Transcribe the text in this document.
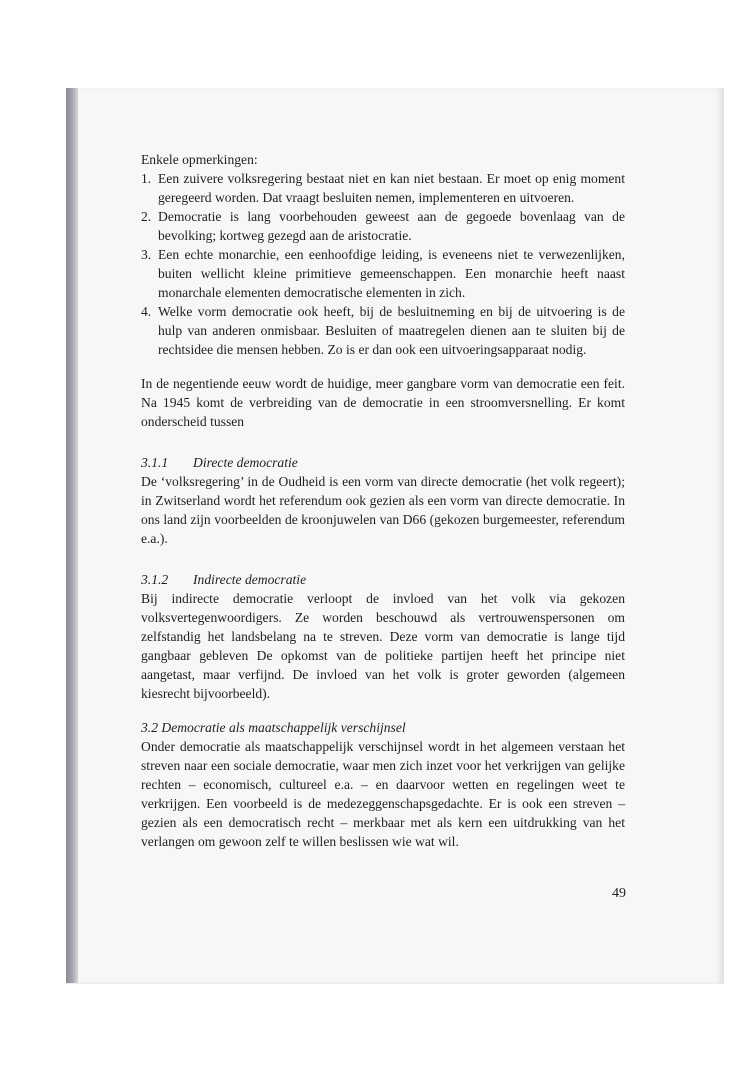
Enkele opmerkingen:

1. Een zuivere volksregering bestaat niet en kan niet bestaan. Er moet op enig moment geregeerd worden. Dat vraagt besluiten nemen, implementeren en uitvoeren.
2. Democratie is lang voorbehouden geweest aan de gegoede bovenlaag van de bevolking; kortweg gezegd aan de aristocratie.
3. Een echte monarchie, een eenhoofdige leiding, is eveneens niet te verwezenlijken, buiten wellicht kleine primitieve gemeenschappen. Een monarchie heeft naast monarchale elementen democratische elementen in zich.
4. Welke vorm democratie ook heeft, bij de besluitneming en bij de uitvoering is de hulp van anderen onmisbaar. Besluiten of maatregelen dienen aan te sluiten bij de rechtsidee die mensen hebben. Zo is er dan ook een uitvoeringsapparaat nodig.

In de negentiende eeuw wordt de huidige, meer gangbare vorm van democratie een feit. Na 1945 komt de verbreiding van de democratie in een stroomversnelling. Er komt onderscheid tussen

3.1.1 Directe democratie

De ‘volksregering’ in de Oudheid is een vorm van directe democratie (het volk regeert); in Zwitserland wordt het referendum ook gezien als een vorm van directe democratie. In ons land zijn voorbeelden de kroonjuwelen van D66 (gekozen burgemeester, referendum e.a.).

3.1.2 Indirecte democratie

Bij indirecte democratie verloopt de invloed van het volk via gekozen volksvertegenwoordigers. Ze worden beschouwd als vertrouwenspersonen om zelfstandig het landsbelang na te streven. Deze vorm van democratie is lange tijd gangbaar gebleven De opkomst van de politieke partijen heeft het principe niet aangetast, maar verfijnd. De invloed van het volk is groter geworden (algemeen kiesrecht bijvoorbeeld).

3.2 Democratie als maatschappelijk verschijnsel

Onder democratie als maatschappelijk verschijnsel wordt in het algemeen verstaan het streven naar een sociale democratie, waar men zich inzet voor het verkrijgen van gelijke rechten – economisch, cultureel e.a. – en daarvoor wetten en regelingen weet te verkrijgen. Een voorbeeld is de medezeggenschapsgedachte. Er is ook een streven – gezien als een democratisch recht – merkbaar met als kern een uitdrukking van het verlangen om gewoon zelf te willen beslissen wie wat wil.

49
